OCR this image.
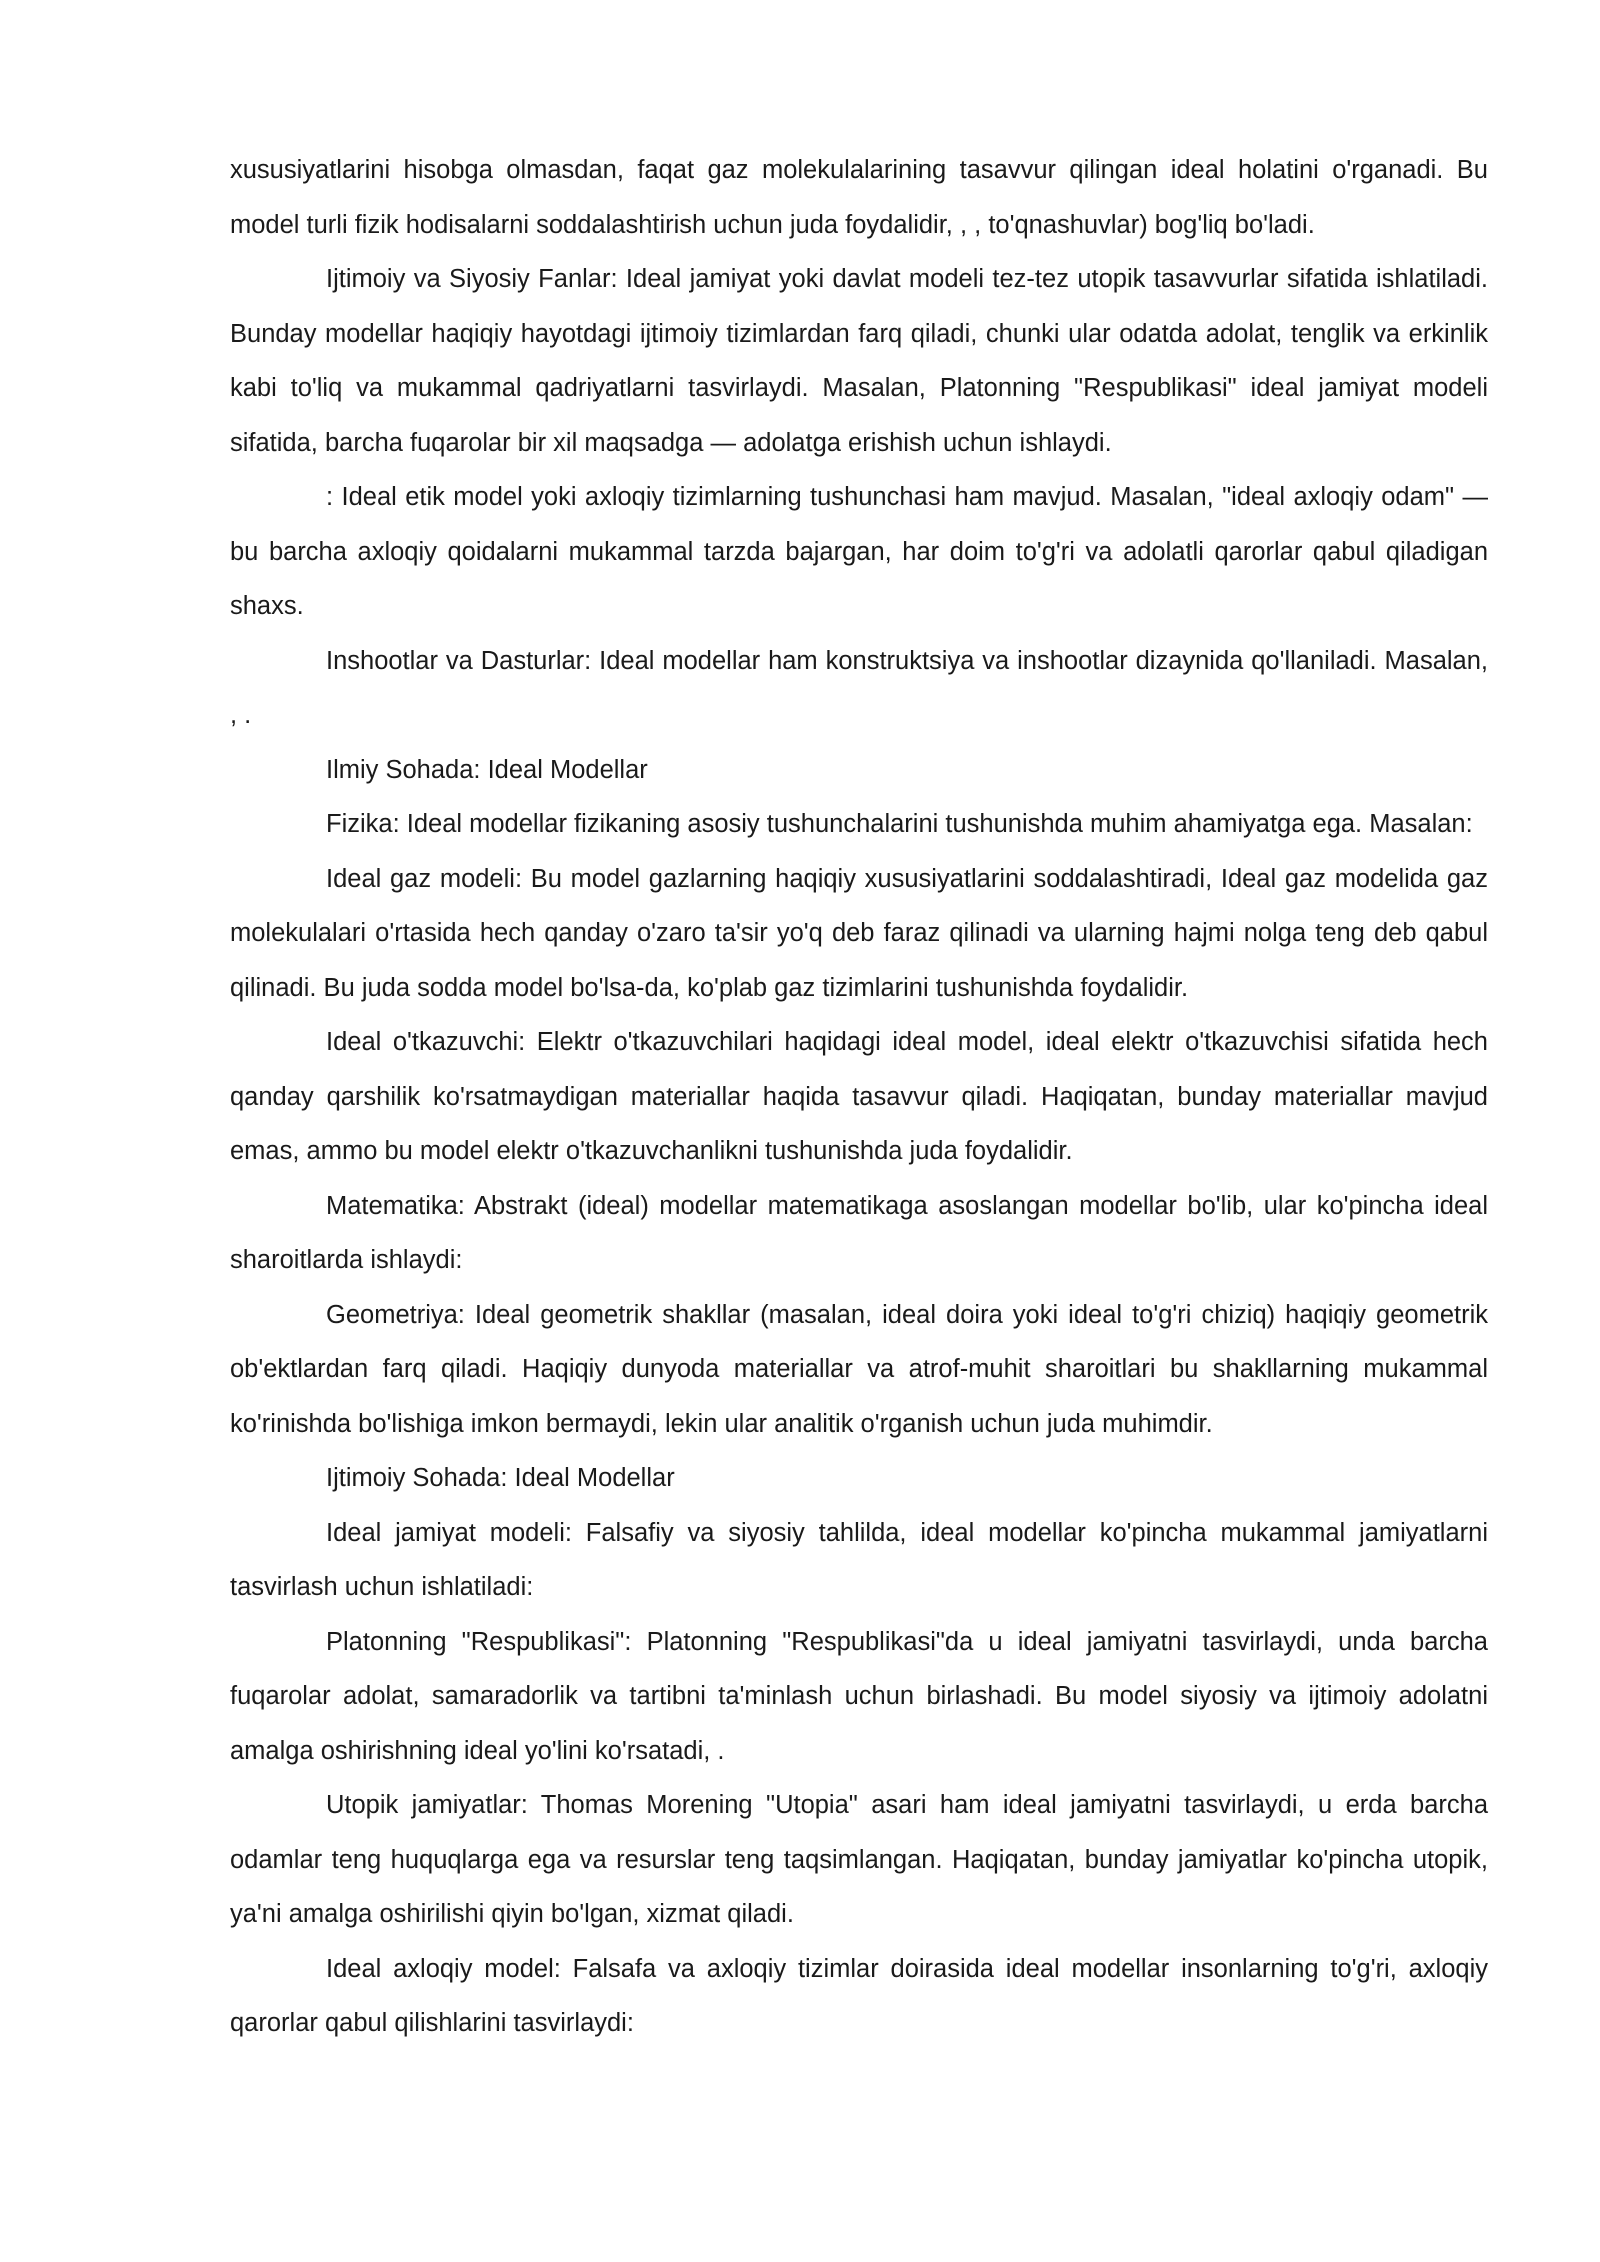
xususiyatlarini hisobga olmasdan, faqat gaz molekulalarining tasavvur qilingan ideal holatini o'rganadi. Bu model turli fizik hodisalarni soddalashtirish uchun juda foydalidir, , , to'qnashuvlar) bog'liq bo'ladi.

Ijtimoiy va Siyosiy Fanlar: Ideal jamiyat yoki davlat modeli tez-tez utopik tasavvurlar sifatida ishlatiladi. Bunday modellar haqiqiy hayotdagi ijtimoiy tizimlardan farq qiladi, chunki ular odatda adolat, tenglik va erkinlik kabi to'liq va mukammal qadriyatlarni tasvirlaydi. Masalan, Platonning "Respublikasi" ideal jamiyat modeli sifatida, barcha fuqarolar bir xil maqsadga — adolatga erishish uchun ishlaydi.

: Ideal etik model yoki axloqiy tizimlarning tushunchasi ham mavjud. Masalan, "ideal axloqiy odam" — bu barcha axloqiy qoidalarni mukammal tarzda bajargan, har doim to'g'ri va adolatli qarorlar qabul qiladigan shaxs.

Inshootlar va Dasturlar: Ideal modellar ham konstruktsiya va inshootlar dizaynida qo'llaniladi. Masalan, , .

Ilmiy Sohada: Ideal Modellar

Fizika: Ideal modellar fizikaning asosiy tushunchalarini tushunishda muhim ahamiyatga ega. Masalan:

Ideal gaz modeli: Bu model gazlarning haqiqiy xususiyatlarini soddalashtiradi, Ideal gaz modelida gaz molekulalari o'rtasida hech qanday o'zaro ta'sir yo'q deb faraz qilinadi va ularning hajmi nolga teng deb qabul qilinadi. Bu juda sodda model bo'lsa-da, ko'plab gaz tizimlarini tushunishda foydalidir.

Ideal o'tkazuvchi: Elektr o'tkazuvchilari haqidagi ideal model, ideal elektr o'tkazuvchisi sifatida hech qanday qarshilik ko'rsatmaydigan materiallar haqida tasavvur qiladi. Haqiqatan, bunday materiallar mavjud emas, ammo bu model elektr o'tkazuvchanlikni tushunishda juda foydalidir.

Matematika: Abstrakt (ideal) modellar matematikaga asoslangan modellar bo'lib, ular ko'pincha ideal sharoitlarda ishlaydi:

Geometriya: Ideal geometrik shakllar (masalan, ideal doira yoki ideal to'g'ri chiziq) haqiqiy geometrik ob'ektlardan farq qiladi. Haqiqiy dunyoda materiallar va atrof-muhit sharoitlari bu shakllarning mukammal ko'rinishda bo'lishiga imkon bermaydi, lekin ular analitik o'rganish uchun juda muhimdir.

Ijtimoiy Sohada: Ideal Modellar

Ideal jamiyat modeli: Falsafiy va siyosiy tahlilda, ideal modellar ko'pincha mukammal jamiyatlarni tasvirlash uchun ishlatiladi:

Platonning "Respublikasi": Platonning "Respublikasi"da u ideal jamiyatni tasvirlaydi, unda barcha fuqarolar adolat, samaradorlik va tartibni ta'minlash uchun birlashadi. Bu model siyosiy va ijtimoiy adolatni amalga oshirishning ideal yo'lini ko'rsatadi, .

Utopik jamiyatlar: Thomas Morening "Utopia" asari ham ideal jamiyatni tasvirlaydi, u erda barcha odamlar teng huquqlarga ega va resurslar teng taqsimlangan. Haqiqatan, bunday jamiyatlar ko'pincha utopik, ya'ni amalga oshirilishi qiyin bo'lgan, xizmat qiladi.

Ideal axloqiy model: Falsafa va axloqiy tizimlar doirasida ideal modellar insonlarning to'g'ri, axloqiy qarorlar qabul qilishlarini tasvirlaydi:
